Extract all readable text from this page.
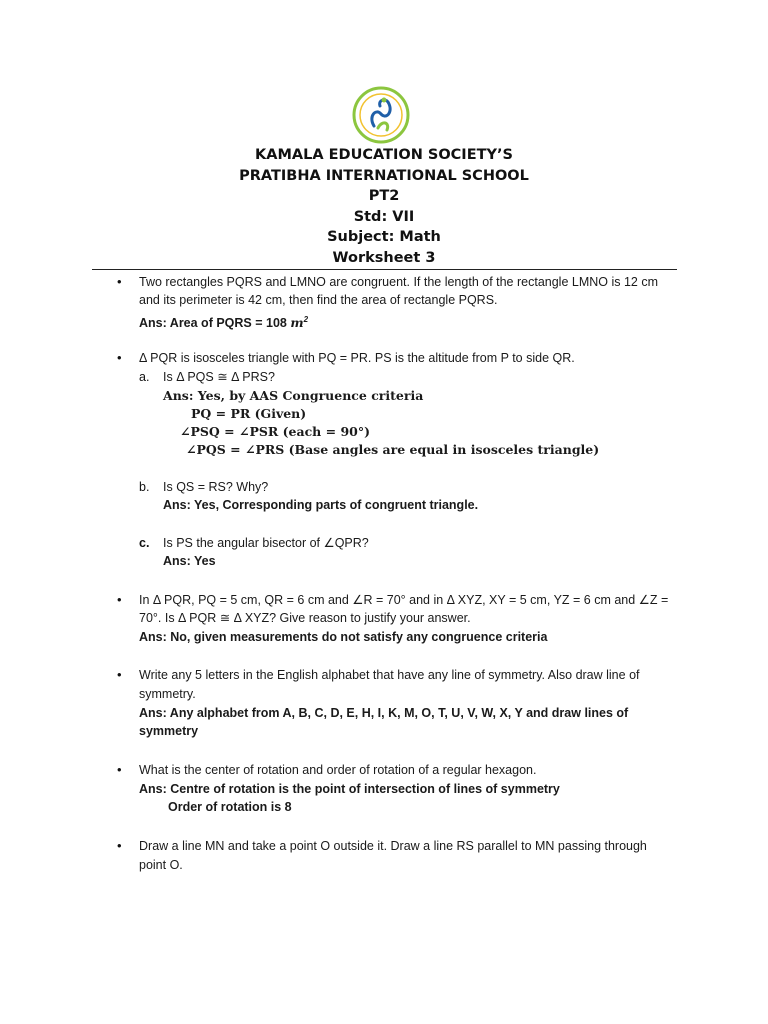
KAMALA EDUCATION SOCIETY’S
PRATIBHA INTERNATIONAL SCHOOL
PT2
Std: VII
Subject: Math
Worksheet 3
• Two rectangles PQRS and LMNO are congruent. If the length of the rectangle LMNO is 12 cm
and its perimeter is 42 cm, then find the area of rectangle PQRS.
Ans: Area of PQRS = 108 $m^2$
• Δ PQR is isosceles triangle with PQ = PR. PS is the altitude from P to side QR.
a. Is Δ PQS ≅ Δ PRS?
Ans: Yes, by AAS Congruence criteria
PQ = PR (Given)
∠PSQ = ∠PSR (each = 90°)
∠PQS = ∠PRS (Base angles are equal in isosceles triangle)
b. Is QS = RS? Why?
Ans: Yes, Corresponding parts of congruent triangle.
c. Is PS the angular bisector of ∠QPR?
Ans: Yes
• In Δ PQR, PQ = 5 cm, QR = 6 cm and ∠R = 70° and in Δ XYZ, XY = 5 cm, YZ = 6 cm and ∠Z =
70°. Is Δ PQR ≅ Δ XYZ? Give reason to justify your answer.
Ans: No, given measurements do not satisfy any congruence criteria
• Write any 5 letters in the English alphabet that have any line of symmetry. Also draw line of
symmetry.
Ans: Any alphabet from A, B, C, D, E, H, I, K, M, O, T, U, V, W, X, Y and draw lines of
symmetry
• What is the center of rotation and order of rotation of a regular hexagon.
Ans: Centre of rotation is the point of intersection of lines of symmetry
Order of rotation is 8
• Draw a line MN and take a point O outside it. Draw a line RS parallel to MN passing through
point O.
